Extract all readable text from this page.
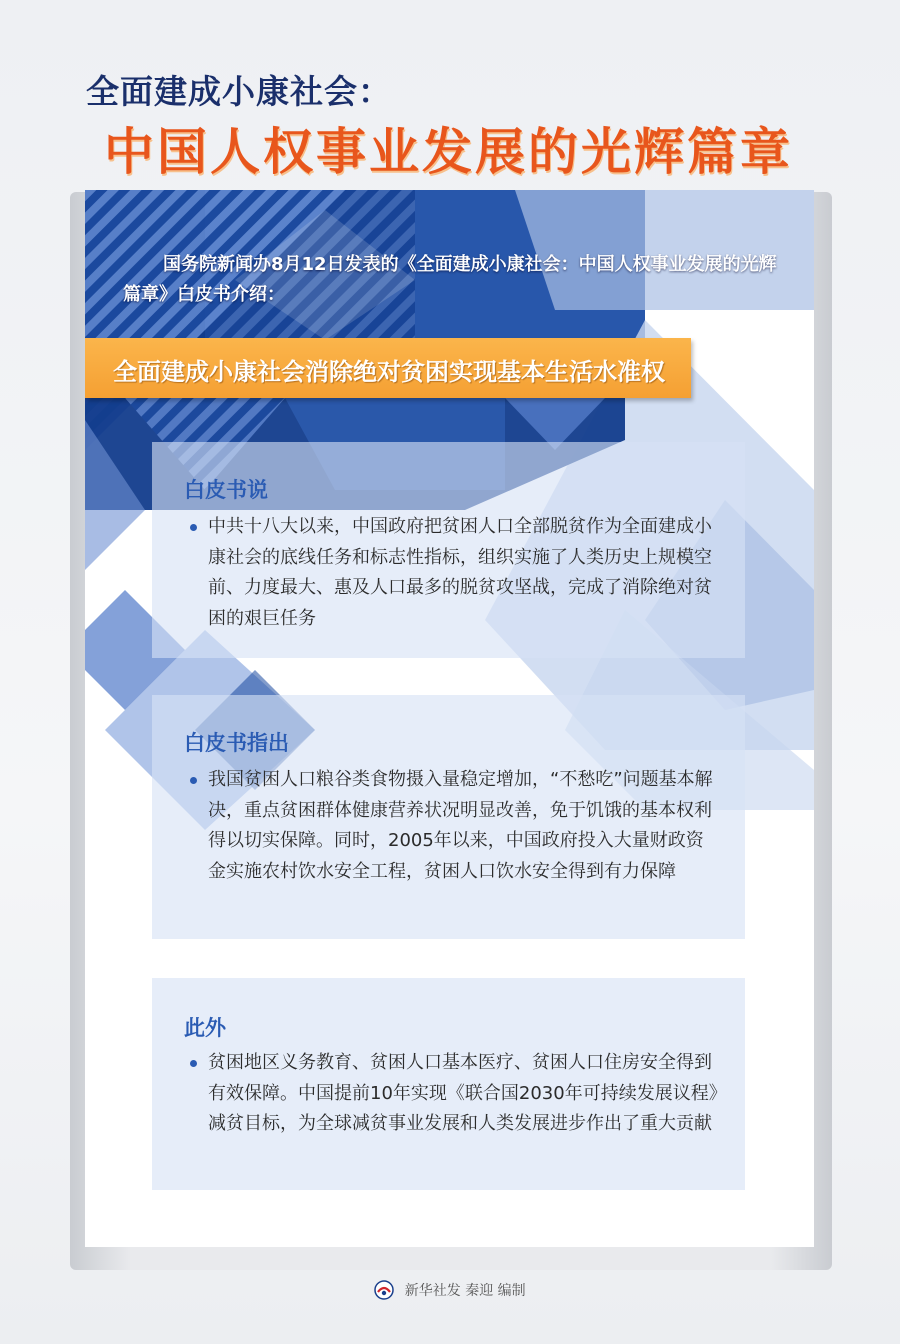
全面建成小康社会：
中国人权事业发展的光辉篇章
国务院新闻办8月12日发表的《全面建成小康社会：中国人权事业发展的光辉篇章》白皮书介绍：
全面建成小康社会消除绝对贫困实现基本生活水准权
白皮书说

中共十八大以来，中国政府把贫困人口全部脱贫作为全面建成小康社会的底线任务和标志性指标，组织实施了人类历史上规模空前、力度最大、惠及人口最多的脱贫攻坚战，完成了消除绝对贫困的艰巨任务

白皮书指出

我国贫困人口粮谷类食物摄入量稳定增加，“不愁吃”问题基本解决，重点贫困群体健康营养状况明显改善，免于饥饿的基本权利得以切实保障。同时，2005年以来，中国政府投入大量财政资金实施农村饮水安全工程，贫困人口饮水安全得到有力保障

此外

贫困地区义务教育、贫困人口基本医疗、贫困人口住房安全得到有效保障。中国提前10年实现《联合国2030年可持续发展议程》减贫目标，为全球减贫事业发展和人类发展进步作出了重大贡献

新华社发 秦迎 编制
